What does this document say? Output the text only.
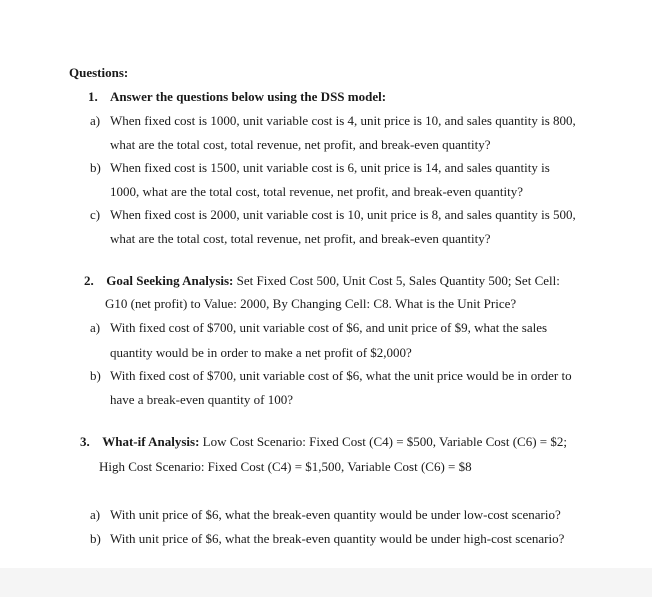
Questions:
1. Answer the questions below using the DSS model:
a) When fixed cost is 1000, unit variable cost is 4, unit price is 10, and sales quantity is 800,
what are the total cost, total revenue, net profit, and break-even quantity?
b) When fixed cost is 1500, unit variable cost is 6, unit price is 14, and sales quantity is
1000, what are the total cost, total revenue, net profit, and break-even quantity?
c) When fixed cost is 2000, unit variable cost is 10, unit price is 8, and sales quantity is 500,
what are the total cost, total revenue, net profit, and break-even quantity?
2. Goal Seeking Analysis: Set Fixed Cost 500, Unit Cost 5, Sales Quantity 500; Set Cell:
G10 (net profit) to Value: 2000, By Changing Cell: C8. What is the Unit Price?
a) With fixed cost of $700, unit variable cost of $6, and unit price of $9, what the sales
quantity would be in order to make a net profit of $2,000?
b) With fixed cost of $700, unit variable cost of $6, what the unit price would be in order to
have a break-even quantity of 100?
3. What-if Analysis: Low Cost Scenario: Fixed Cost (C4) = $500, Variable Cost (C6) = $2;
High Cost Scenario: Fixed Cost (C4) = $1,500, Variable Cost (C6) = $8
a) With unit price of $6, what the break-even quantity would be under low-cost scenario?
b) With unit price of $6, what the break-even quantity would be under high-cost scenario?
